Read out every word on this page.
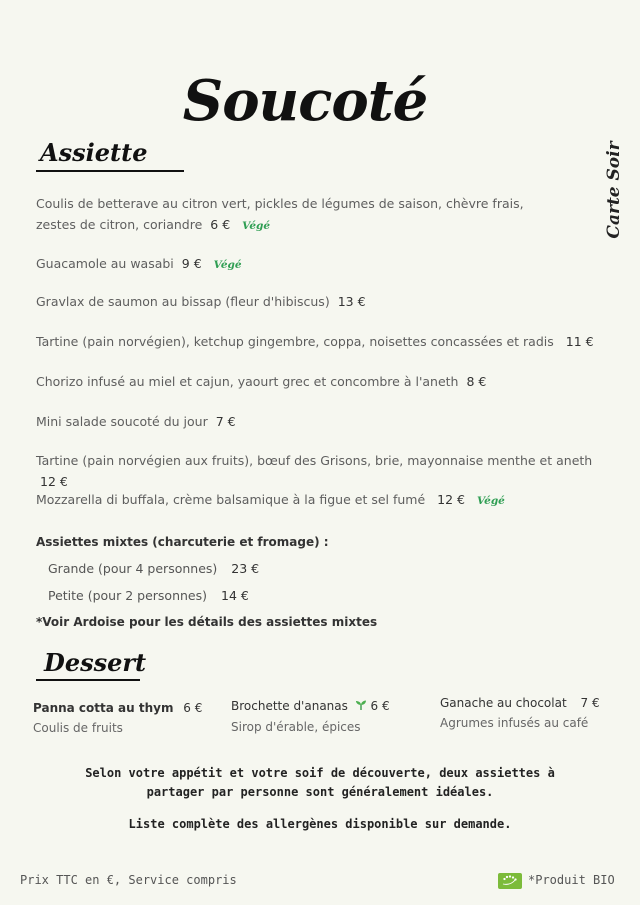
Soucoté
Carte Soir
Assiette
Coulis de betterave au citron vert, pickles de légumes de saison, chèvre frais, zestes de citron, coriandre 6 € Végé
Guacamole au wasabi 9 € Végé
Gravlax de saumon au bissap (fleur d'hibiscus) 13 €
Tartine (pain norvégien), ketchup gingembre, coppa, noisettes concassées et radis 11 €
Chorizo infusé au miel et cajun, yaourt grec et concombre à l'aneth 8 €
Mini salade soucoté du jour 7 €
Tartine (pain norvégien aux fruits), bœuf des Grisons, brie, mayonnaise menthe et aneth 12 €
Mozzarella di buffala, crème balsamique à la figue et sel fumé 12 € Végé
Assiettes mixtes (charcuterie et fromage) :
Grande (pour 4 personnes) 23 €
Petite (pour 2 personnes) 14 €
*Voir Ardoise pour les détails des assiettes mixtes
Dessert
Panna cotta au thym 6 €
Coulis de fruits
Brochette d'ananas 6 €
Sirop d'érable, épices
Ganache au chocolat 7 €
Agrumes infusés au café
Selon votre appétit et votre soif de découverte, deux assiettes à
partager par personne sont généralement idéales.
Liste complète des allergènes disponible sur demande.
Prix TTC en €, Service compris	*Produit BIO
